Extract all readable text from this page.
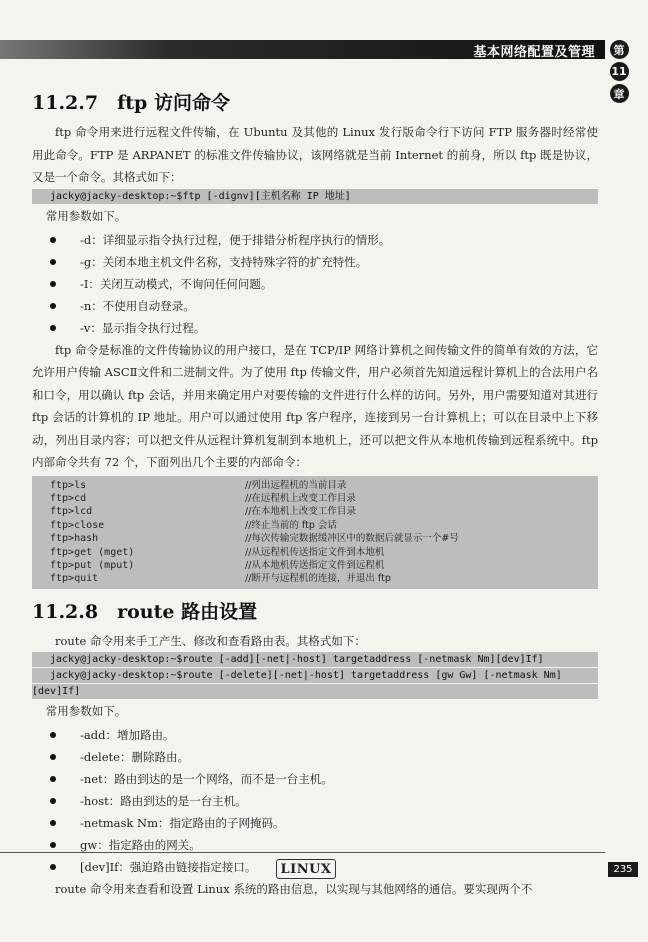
基本网络配置及管理	第
11
章
11.2.7　ftp 访问命令

ftp 命令用来进行远程文件传输，在 Ubuntu 及其他的 Linux 发行版命令行下访问 FTP 服务器时经常使用此命令。FTP 是 ARPANET 的标准文件传输协议，该网络就是当前 Internet 的前身，所以 ftp 既是协议，又是一个命令。其格式如下：

jacky@jacky-desktop:~$ftp [-dignv][主机名称 IP 地址]
常用参数如下。
-d：详细显示指令执行过程，便于排错分析程序执行的情形。
-g：关闭本地主机文件名称，支持特殊字符的扩充特性。
-I：关闭互动模式，不询问任何问题。
-n：不使用自动登录。
-v：显示指令执行过程。

ftp 命令是标准的文件传输协议的用户接口，是在 TCP/IP 网络计算机之间传输文件的简单有效的方法，它允许用户传输 ASCⅡ文件和二进制文件。为了使用 ftp 传输文件，用户必须首先知道远程计算机上的合法用户名和口令，用以确认 ftp 会话，并用来确定用户对要传输的文件进行什么样的访问。另外，用户需要知道对其进行 ftp 会话的计算机的 IP 地址。用户可以通过使用 ftp 客户程序，连接到另一台计算机上；可以在目录中上下移动，列出目录内容；可以把文件从远程计算机复制到本地机上，还可以把文件从本地机传输到远程系统中。ftp 内部命令共有 72 个，下面列出几个主要的内部命令：

ftp>ls	//列出远程机的当前目录
ftp>cd	//在远程机上改变工作目录
ftp>lcd	//在本地机上改变工作目录
ftp>close	//终止当前的 ftp 会话
ftp>hash	//每次传输完数据缓冲区中的数据后就显示一个#号
ftp>get (mget)	//从远程机传送指定文件到本地机
ftp>put (mput)	//从本地机传送指定文件到远程机
ftp>quit	//断开与远程机的连接，并退出 ftp
11.2.8　route 路由设置

route 命令用来手工产生、修改和查看路由表。其格式如下：

jacky@jacky-desktop:~$route [-add][-net|-host] targetaddress [-netmask Nm][dev]If]
jacky@jacky-desktop:~$route [-delete][-net|-host] targetaddress [gw Gw] [-netmask Nm]
[dev]If]
常用参数如下。
-add：增加路由。
-delete：删除路由。
-net：路由到达的是一个网络，而不是一台主机。
-host：路由到达的是一台主机。
-netmask Nm：指定路由的子网掩码。
gw：指定路由的网关。
[dev]If：强迫路由链接指定接口。

route 命令用来查看和设置 Linux 系统的路由信息，以实现与其他网络的通信。要实现两个不

LINUX	235
